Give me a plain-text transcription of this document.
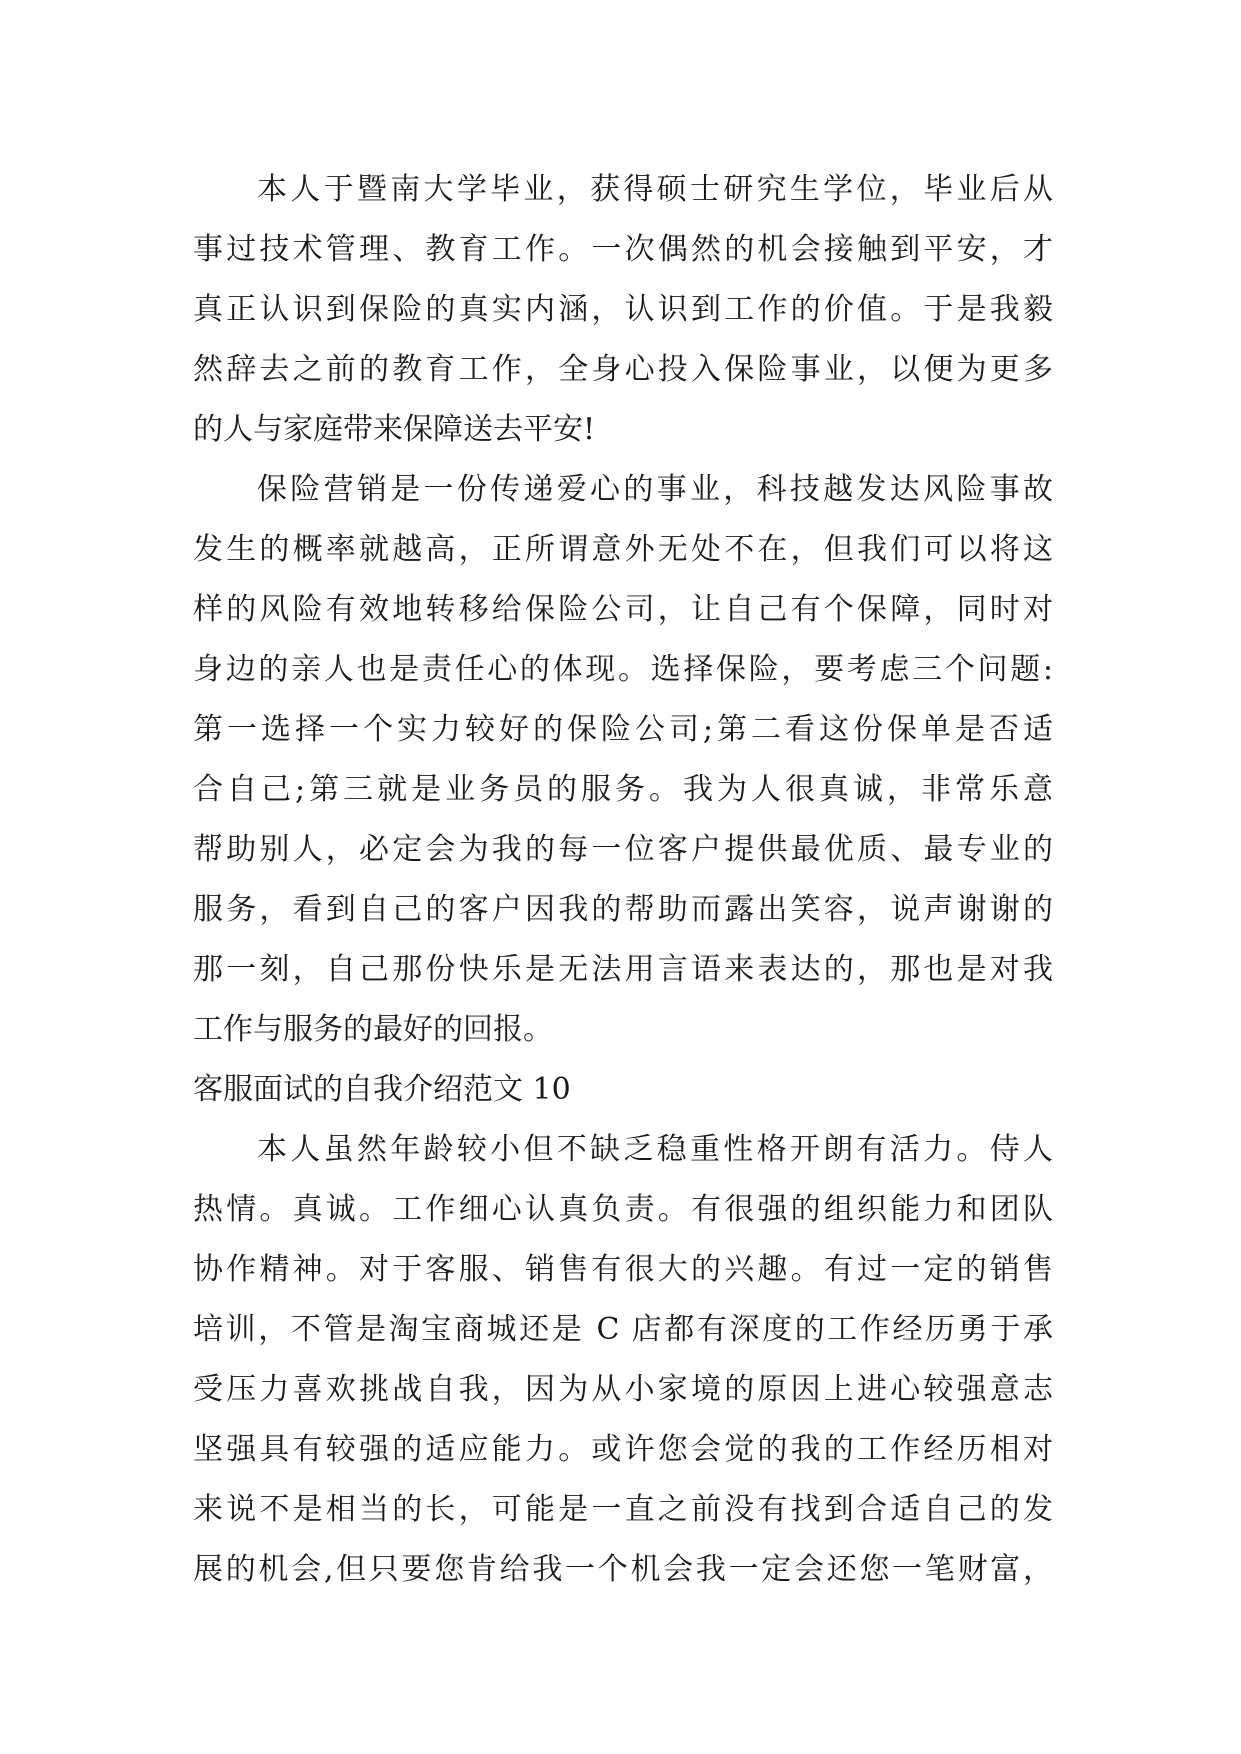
本人于暨南大学毕业，获得硕士研究生学位，毕业后从
事过技术管理、教育工作。一次偶然的机会接触到平安，才
真正认识到保险的真实内涵，认识到工作的价值。于是我毅
然辞去之前的教育工作，全身心投入保险事业，以便为更多
的人与家庭带来保障送去平安!
保险营销是一份传递爱心的事业，科技越发达风险事故
发生的概率就越高，正所谓意外无处不在，但我们可以将这
样的风险有效地转移给保险公司，让自己有个保障，同时对
身边的亲人也是责任心的体现。选择保险，要考虑三个问题:
第一选择一个实力较好的保险公司;第二看这份保单是否适
合自己;第三就是业务员的服务。我为人很真诚，非常乐意
帮助别人，必定会为我的每一位客户提供最优质、最专业的
服务，看到自己的客户因我的帮助而露出笑容，说声谢谢的
那一刻，自己那份快乐是无法用言语来表达的，那也是对我
工作与服务的最好的回报。
客服面试的自我介绍范文 10
本人虽然年龄较小但不缺乏稳重性格开朗有活力。侍人
热情。真诚。工作细心认真负责。有很强的组织能力和团队
协作精神。对于客服、销售有很大的兴趣。有过一定的销售
培训，不管是淘宝商城还是 C 店都有深度的工作经历勇于承
受压力喜欢挑战自我，因为从小家境的原因上进心较强意志
坚强具有较强的适应能力。或许您会觉的我的工作经历相对
来说不是相当的长，可能是一直之前没有找到合适自己的发
展的机会,但只要您肯给我一个机会我一定会还您一笔财富，
